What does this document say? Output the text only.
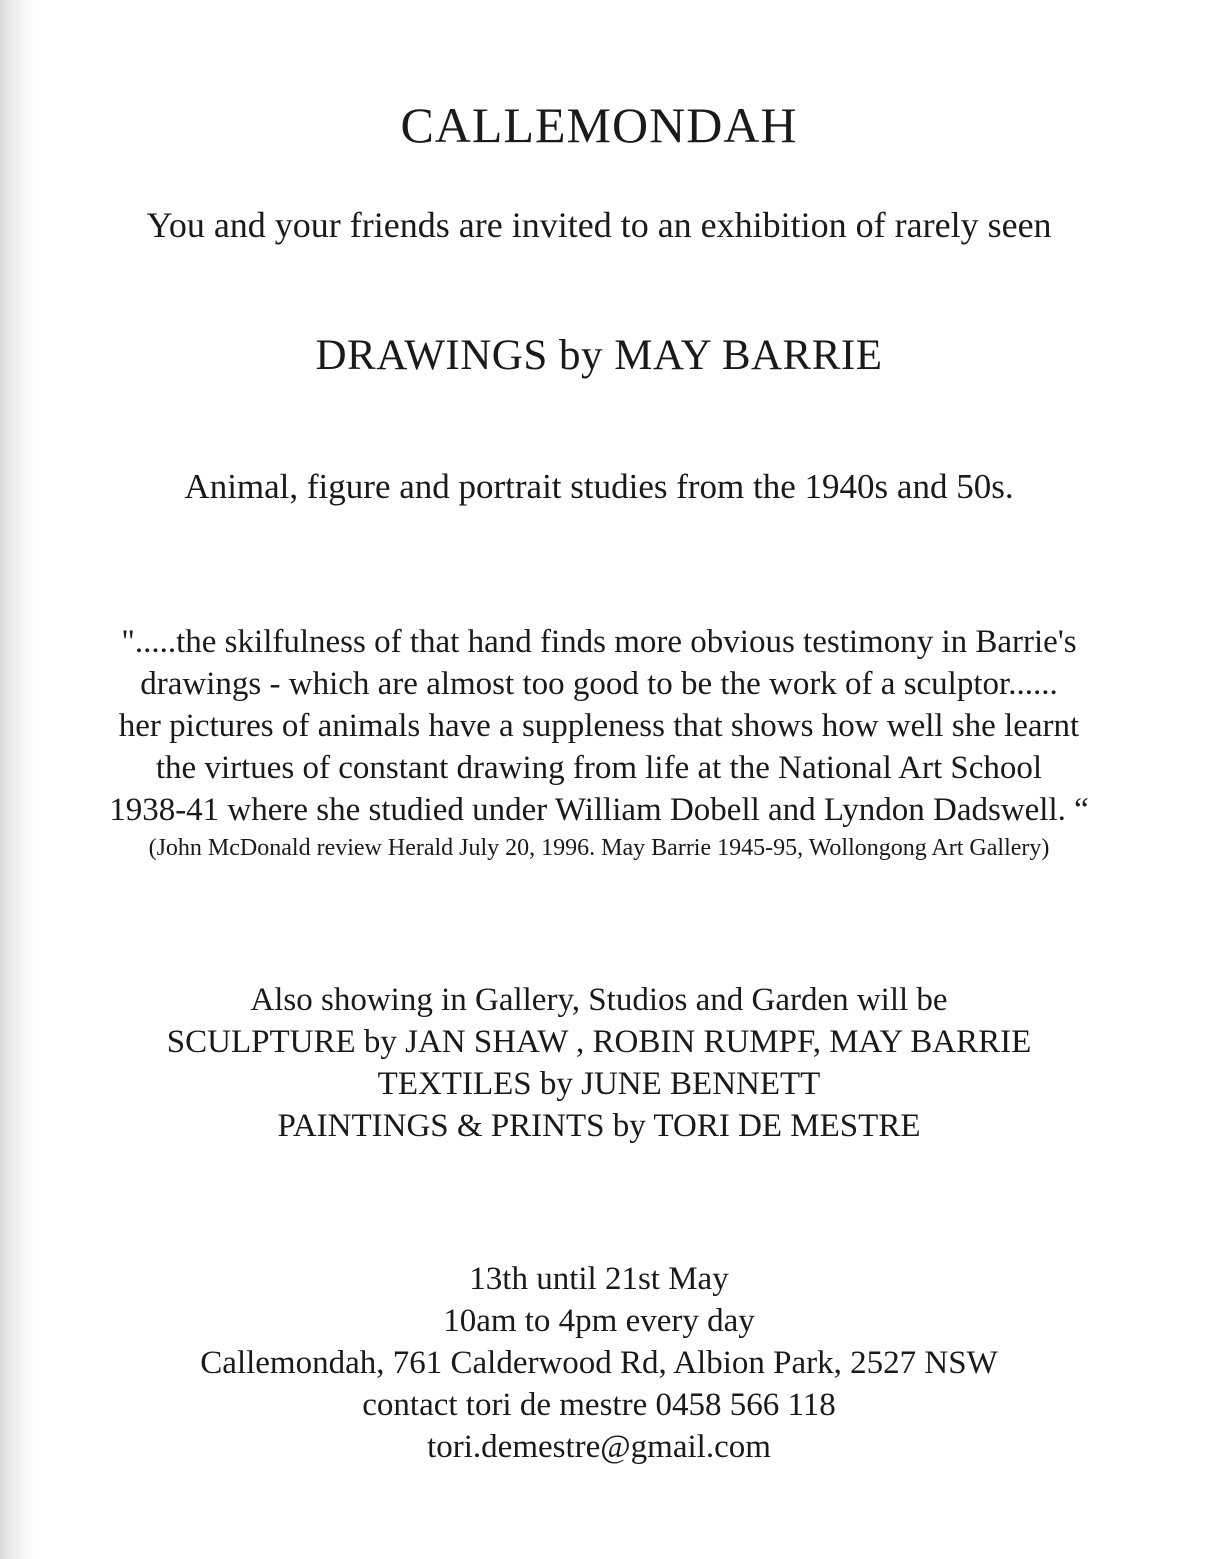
CALLEMONDAH

You and your friends are invited to an exhibition of rarely seen

DRAWINGS by MAY BARRIE

Animal, figure and portrait studies from the 1940s and 50s.

".....the skilfulness of that hand finds more obvious testimony in Barrie's
drawings - which are almost too good to be the work of a sculptor......
her pictures of animals have a suppleness that shows how well she learnt
the virtues of constant drawing from life at the National Art School
1938-41 where she studied under William Dobell and Lyndon Dadswell. “
(John McDonald review Herald July 20, 1996. May Barrie 1945-95, Wollongong Art Gallery)
Also showing in Gallery, Studios and Garden will be
SCULPTURE by JAN SHAW , ROBIN RUMPF, MAY BARRIE
TEXTILES by JUNE BENNETT
PAINTINGS & PRINTS by TORI DE MESTRE
13th until 21st May
10am to 4pm every day
Callemondah, 761 Calderwood Rd, Albion Park, 2527 NSW
contact tori de mestre 0458 566 118
tori.demestre@gmail.com
